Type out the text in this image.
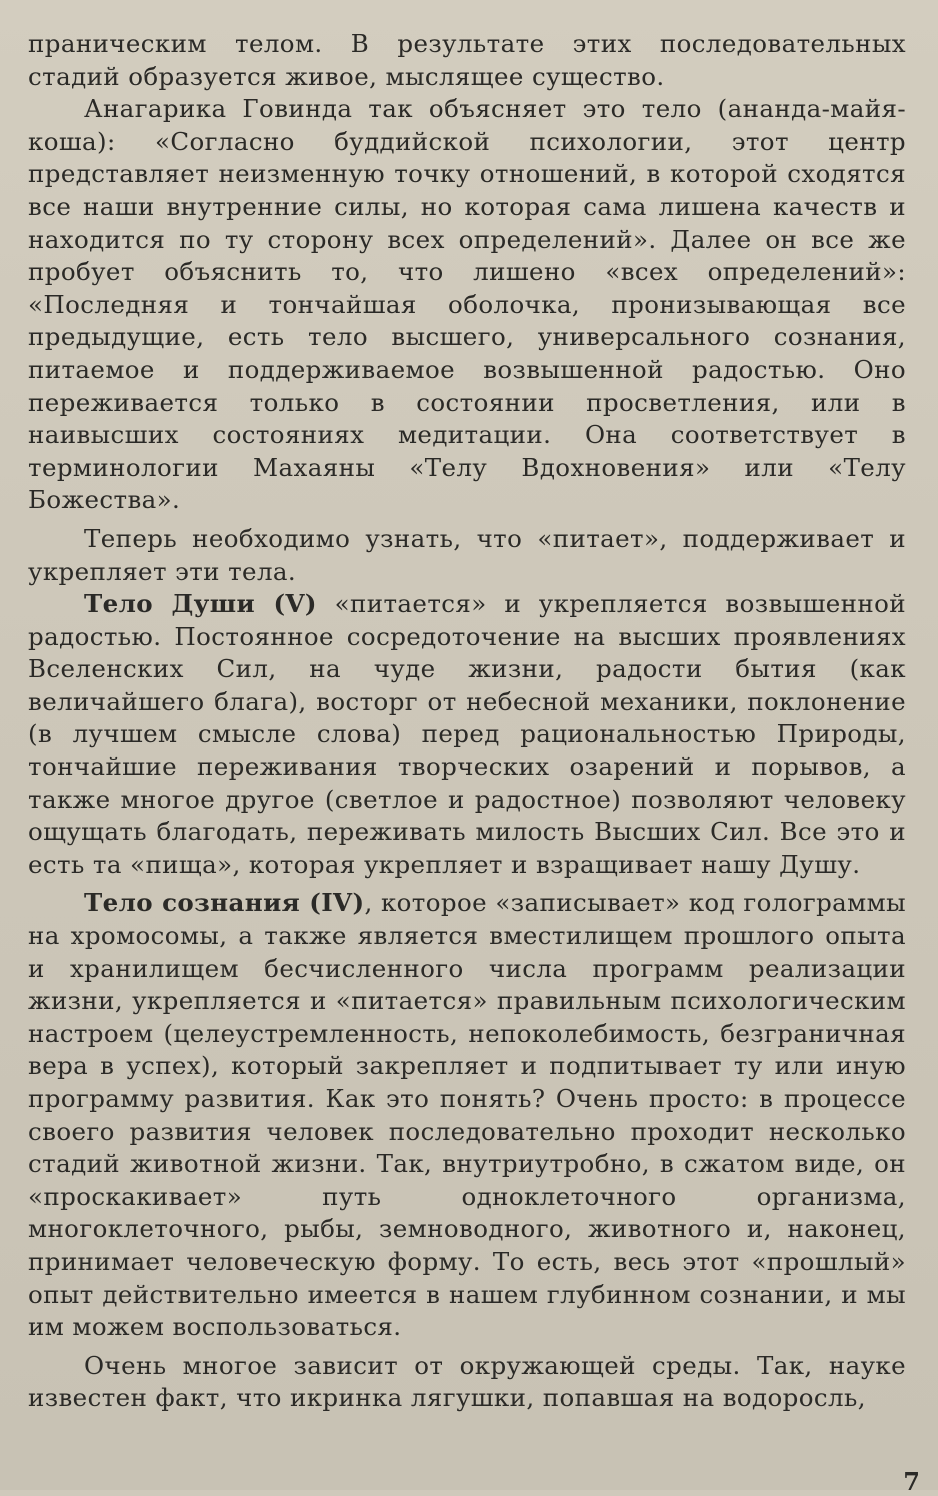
праническим телом. В результате этих последовательных стадий образуется живое, мыслящее существо.

Анагарика Говинда так объясняет это тело (ананда-майя-коша): «Согласно буддийской психологии, этот центр представляет неизменную точку отношений, в которой сходятся все наши внутренние силы, но которая сама лишена качеств и находится по ту сторону всех определений». Далее он все же пробует объяснить то, что лишено «всех определений»: «Последняя и тончайшая оболочка, пронизывающая все предыдущие, есть тело высшего, универсального сознания, питаемое и поддерживаемое возвышенной радостью. Оно переживается только в состоянии просветления, или в наивысших состояниях медитации. Она соответствует в терминологии Махаяны «Телу Вдохновения» или «Телу Божества».

Теперь необходимо узнать, что «питает», поддерживает и укрепляет эти тела.

Тело Души (V) «питается» и укрепляется возвышенной радостью. Постоянное сосредоточение на высших проявлениях Вселенских Сил, на чуде жизни, радости бытия (как величайшего блага), восторг от небесной механики, поклонение (в лучшем смысле слова) перед рациональностью Природы, тончайшие переживания творческих озарений и порывов, а также многое другое (светлое и радостное) позволяют человеку ощущать благодать, переживать милость Высших Сил. Все это и есть та «пища», которая укрепляет и взращивает нашу Душу.

Тело сознания (IV), которое «записывает» код голограммы на хромосомы, а также является вместилищем прошлого опыта и хранилищем бесчисленного числа программ реализации жизни, укрепляется и «питается» правильным психологическим настроем (целеустремленность, непоколебимость, безграничная вера в успех), который закрепляет и подпитывает ту или иную программу развития. Как это понять? Очень просто: в процессе своего развития человек последовательно проходит несколько стадий животной жизни. Так, внутриутробно, в сжатом виде, он «проскакивает» путь одноклеточного организма, многоклеточного, рыбы, земноводного, животного и, наконец, принимает человеческую форму. То есть, весь этот «прошлый» опыт действительно имеется в нашем глубинном сознании, и мы им можем воспользоваться.

Очень многое зависит от окружающей среды. Так, науке известен факт, что икринка лягушки, попавшая на водоросль,

7
